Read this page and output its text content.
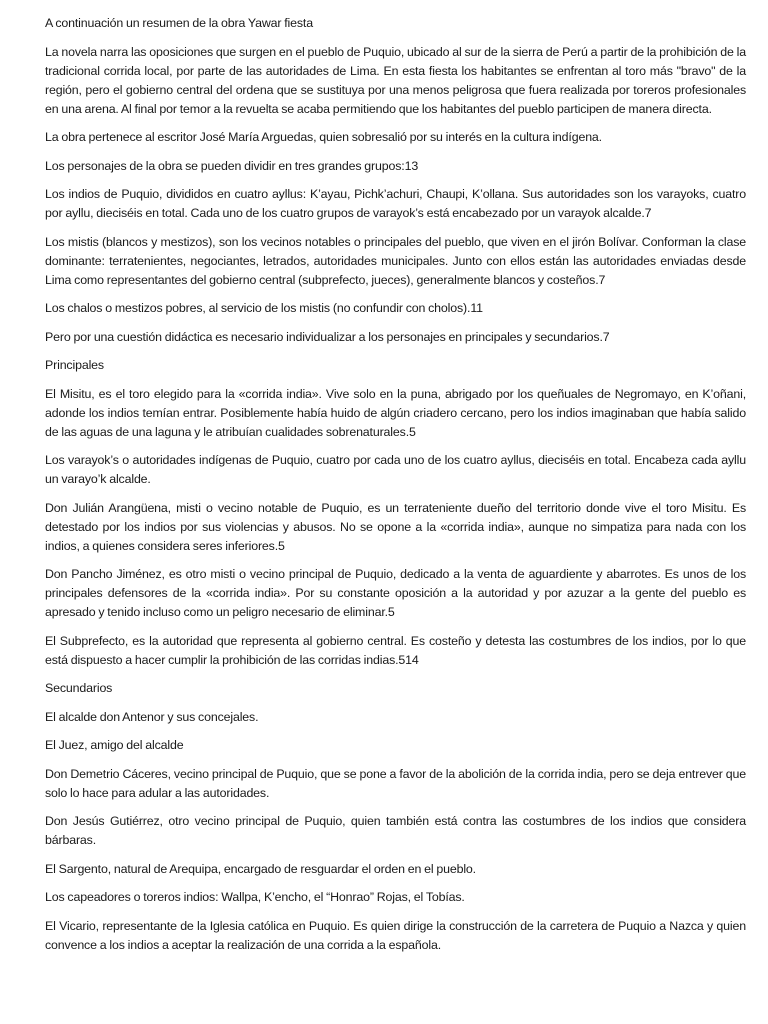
A continuación un resumen de la obra Yawar fiesta

La novela narra las oposiciones que surgen en el pueblo de Puquio, ubicado al sur de la sierra de Perú a partir de la prohibición de la tradicional corrida local, por parte de las autoridades de Lima. En esta fiesta los habitantes se enfrentan al toro más "bravo" de la región, pero el gobierno central del ordena que se sustituya por una menos peligrosa que fuera realizada por toreros profesionales en una arena. Al final por temor a la revuelta se acaba permitiendo que los habitantes del pueblo participen de manera directa.

La obra pertenece al escritor José María Arguedas, quien sobresalió por su interés en la cultura indígena.

Los personajes de la obra se pueden dividir en tres grandes grupos:13

Los indios de Puquio, divididos en cuatro ayllus: K’ayau, Pichk’achuri, Chaupi, K’ollana. Sus autoridades son los varayoks, cuatro por ayllu, dieciséis en total. Cada uno de los cuatro grupos de varayok’s está encabezado por un varayok alcalde.7

Los mistis (blancos y mestizos), son los vecinos notables o principales del pueblo, que viven en el jirón Bolívar. Conforman la clase dominante: terratenientes, negociantes, letrados, autoridades municipales. Junto con ellos están las autoridades enviadas desde Lima como representantes del gobierno central (subprefecto, jueces), generalmente blancos y costeños.7

Los chalos o mestizos pobres, al servicio de los mistis (no confundir con cholos).11

Pero por una cuestión didáctica es necesario individualizar a los personajes en principales y secundarios.7

Principales

El Misitu, es el toro elegido para la «corrida india». Vive solo en la puna, abrigado por los queñuales de Negromayo, en K’oñani, adonde los indios temían entrar. Posiblemente había huido de algún criadero cercano, pero los indios imaginaban que había salido de las aguas de una laguna y le atribuían cualidades sobrenaturales.5

Los varayok’s o autoridades indígenas de Puquio, cuatro por cada uno de los cuatro ayllus, dieciséis en total. Encabeza cada ayllu un varayo’k alcalde.

Don Julián Arangüena, misti o vecino notable de Puquio, es un terrateniente dueño del territorio donde vive el toro Misitu. Es detestado por los indios por sus violencias y abusos. No se opone a la «corrida india», aunque no simpatiza para nada con los indios, a quienes considera seres inferiores.5

Don Pancho Jiménez, es otro misti o vecino principal de Puquio, dedicado a la venta de aguardiente y abarrotes. Es unos de los principales defensores de la «corrida india». Por su constante oposición a la autoridad y por azuzar a la gente del pueblo es apresado y tenido incluso como un peligro necesario de eliminar.5

El Subprefecto, es la autoridad que representa al gobierno central. Es costeño y detesta las costumbres de los indios, por lo que está dispuesto a hacer cumplir la prohibición de las corridas indias.514

Secundarios

El alcalde don Antenor y sus concejales.

El Juez, amigo del alcalde

Don Demetrio Cáceres, vecino principal de Puquio, que se pone a favor de la abolición de la corrida india, pero se deja entrever que solo lo hace para adular a las autoridades.

Don Jesús Gutiérrez, otro vecino principal de Puquio, quien también está contra las costumbres de los indios que considera bárbaras.

El Sargento, natural de Arequipa, encargado de resguardar el orden en el pueblo.

Los capeadores o toreros indios: Wallpa, K’encho, el “Honrao” Rojas, el Tobías.

El Vicario, representante de la Iglesia católica en Puquio. Es quien dirige la construcción de la carretera de Puquio a Nazca y quien convence a los indios a aceptar la realización de una corrida a la española.
